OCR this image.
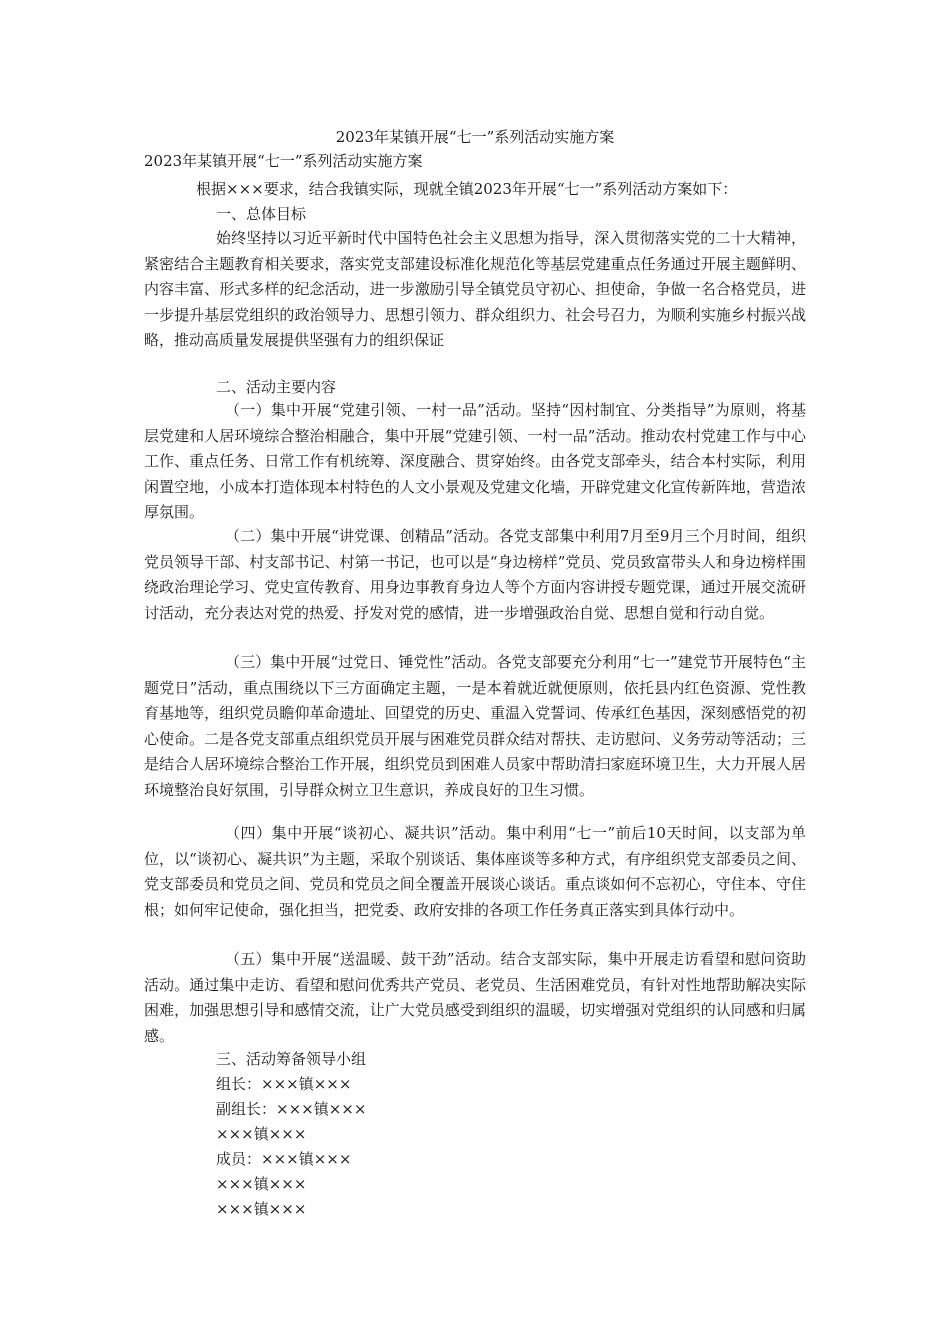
2023年某镇开展“七一”系列活动实施方案
2023年某镇开展“七一”系列活动实施方案
根据×××要求，结合我镇实际，现就全镇2023年开展“七一”系列活动方案如下：
一、总体目标
始终坚持以习近平新时代中国特色社会主义思想为指导，深入贯彻落实党的二十大精神，紧密结合主题教育相关要求，落实党支部建设标准化规范化等基层党建重点任务通过开展主题鲜明、内容丰富、形式多样的纪念活动，进一步激励引导全镇党员守初心、担使命，争做一名合格党员，进一步提升基层党组织的政治领导力、思想引领力、群众组织力、社会号召力，为顺利实施乡村振兴战略，推动高质量发展提供坚强有力的组织保证
二、活动主要内容
（一）集中开展“党建引领、一村一品”活动。坚持“因村制宜、分类指导”为原则，将基层党建和人居环境综合整治相融合，集中开展“党建引领、一村一品”活动。推动农村党建工作与中心工作、重点任务、日常工作有机统筹、深度融合、贯穿始终。由各党支部牵头，结合本村实际，利用闲置空地，小成本打造体现本村特色的人文小景观及党建文化墙，开辟党建文化宣传新阵地，营造浓厚氛围。
（二）集中开展“讲党课、创精品”活动。各党支部集中利用7月至9月三个月时间，组织党员领导干部、村支部书记、村第一书记，也可以是“身边榜样”党员、党员致富带头人和身边榜样围绕政治理论学习、党史宣传教育、用身边事教育身边人等个方面内容讲授专题党课，通过开展交流研讨活动，充分表达对党的热爱、抒发对党的感情，进一步增强政治自觉、思想自觉和行动自觉。
（三）集中开展“过党日、锤党性”活动。各党支部要充分利用“七一”建党节开展特色“主题党日”活动，重点围绕以下三方面确定主题，一是本着就近就便原则，依托县内红色资源、党性教育基地等，组织党员瞻仰革命遗址、回望党的历史、重温入党誓词、传承红色基因，深刻感悟党的初心使命。二是各党支部重点组织党员开展与困难党员群众结对帮扶、走访慰问、义务劳动等活动；三是结合人居环境综合整治工作开展，组织党员到困难人员家中帮助清扫家庭环境卫生，大力开展人居环境整治良好氛围，引导群众树立卫生意识，养成良好的卫生习惯。
（四）集中开展“谈初心、凝共识”活动。集中利用“七一”前后10天时间，以支部为单位，以“谈初心、凝共识”为主题，采取个别谈话、集体座谈等多种方式，有序组织党支部委员之间、党支部委员和党员之间、党员和党员之间全覆盖开展谈心谈话。重点谈如何不忘初心，守住本、守住根；如何牢记使命，强化担当，把党委、政府安排的各项工作任务真正落实到具体行动中。
（五）集中开展“送温暖、鼓干劲”活动。结合支部实际，集中开展走访看望和慰问资助活动。通过集中走访、看望和慰问优秀共产党员、老党员、生活困难党员，有针对性地帮助解决实际困难，加强思想引导和感情交流，让广大党员感受到组织的温暖，切实增强对党组织的认同感和归属感。
三、活动筹备领导小组
组长：×××镇×××
副组长：×××镇×××
×××镇×××
成员：×××镇×××
×××镇×××
×××镇×××
